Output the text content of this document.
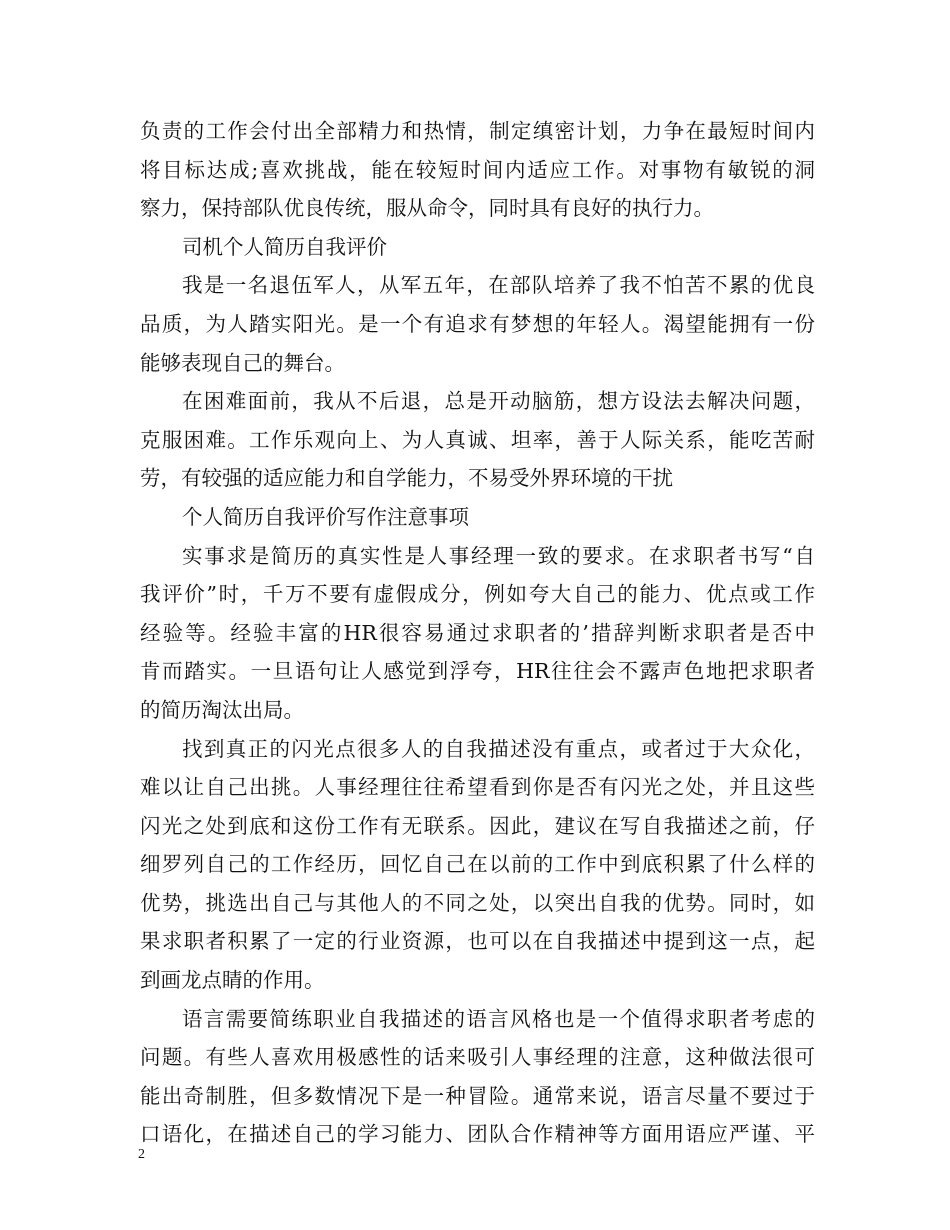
负责的工作会付出全部精力和热情，制定缜密计划，力争在最短时间内
将目标达成;喜欢挑战，能在较短时间内适应工作。对事物有敏锐的洞
察力，保持部队优良传统，服从命令，同时具有良好的执行力。
司机个人简历自我评价
我是一名退伍军人，从军五年，在部队培养了我不怕苦不累的优良
品质，为人踏实阳光。是一个有追求有梦想的年轻人。渴望能拥有一份
能够表现自己的舞台。
在困难面前，我从不后退，总是开动脑筋，想方设法去解决问题，
克服困难。工作乐观向上、为人真诚、坦率，善于人际关系，能吃苦耐
劳，有较强的适应能力和自学能力，不易受外界环境的干扰
个人简历自我评价写作注意事项
实事求是简历的真实性是人事经理一致的要求。在求职者书写“自
我评价”时，千万不要有虚假成分，例如夸大自己的能力、优点或工作
经验等。经验丰富的HR很容易通过求职者的’措辞判断求职者是否中
肯而踏实。一旦语句让人感觉到浮夸，HR往往会不露声色地把求职者
的简历淘汰出局。
找到真正的闪光点很多人的自我描述没有重点，或者过于大众化，
难以让自己出挑。人事经理往往希望看到你是否有闪光之处，并且这些
闪光之处到底和这份工作有无联系。因此，建议在写自我描述之前，仔
细罗列自己的工作经历，回忆自己在以前的工作中到底积累了什么样的
优势，挑选出自己与其他人的不同之处，以突出自我的优势。同时，如
果求职者积累了一定的行业资源，也可以在自我描述中提到这一点，起
到画龙点睛的作用。
语言需要简练职业自我描述的语言风格也是一个值得求职者考虑的
问题。有些人喜欢用极感性的话来吸引人事经理的注意，这种做法很可
能出奇制胜，但多数情况下是一种冒险。通常来说，语言尽量不要过于
口语化，在描述自己的学习能力、团队合作精神等方面用语应严谨、平
2
